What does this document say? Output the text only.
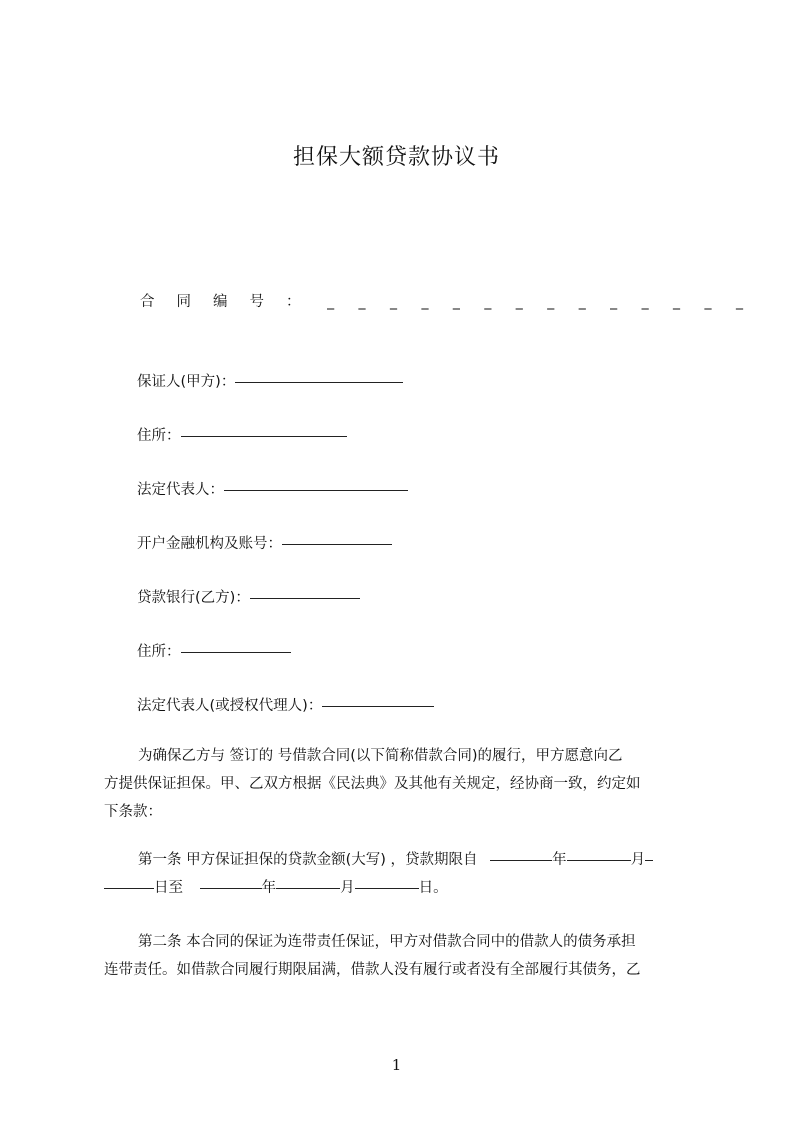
担保大额贷款协议书
合同编号： _ _ _ _ _ _ _ _ _ _ _ _ _ _
保证人(甲方)：
住所：
法定代表人：
开户金融机构及账号：
贷款银行(乙方)：
住所：
法定代表人(或授权代理人)：
为确保乙方与 签订的 号借款合同(以下简称借款合同)的履行，甲方愿意向乙
方提供保证担保。甲、乙双方根据《民法典》及其他有关规定，经协商一致，约定如
下条款：
第一条 甲方保证担保的贷款金额(大写) ，贷款期限自	年	月
日至	年	月	日。
第二条 本合同的保证为连带责任保证，甲方对借款合同中的借款人的债务承担
连带责任。如借款合同履行期限届满，借款人没有履行或者没有全部履行其债务，乙
1
